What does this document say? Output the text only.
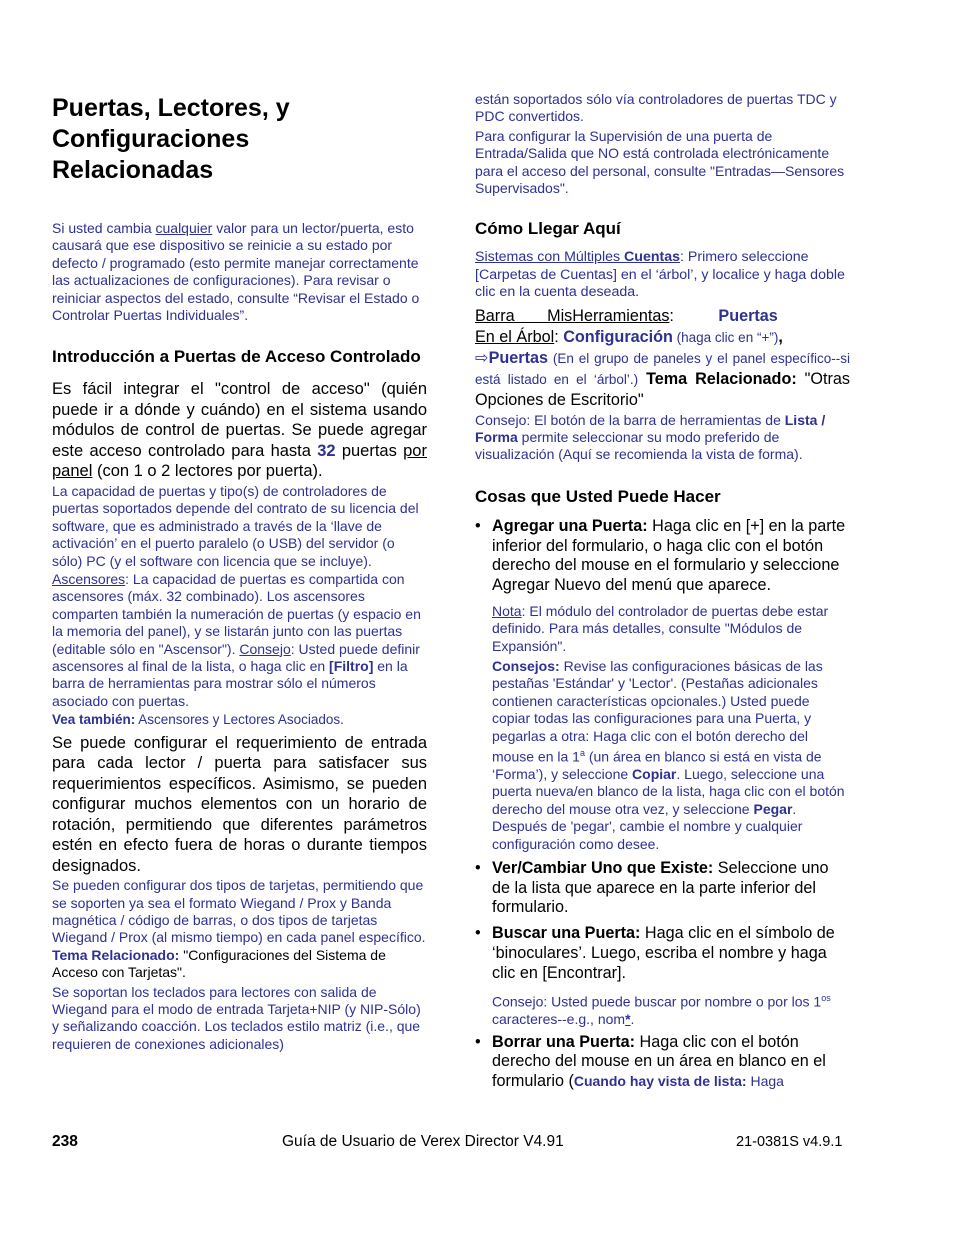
Puertas, Lectores, y
Configuraciones
Relacionadas

Si usted cambia cualquier valor para un lector/puerta, esto causará que ese dispositivo se reinicie a su estado por defecto / programado (esto permite manejar correctamente las actualizaciones de configuraciones). Para revisar o reiniciar aspectos del estado, consulte “Revisar el Estado o Controlar Puertas Individuales”.

Introducción a Puertas de Acceso Controlado

Es fácil integrar el "control de acceso" (quién puede ir a dónde y cuándo) en el sistema usando módulos de control de puertas. Se puede agregar este acceso controlado para hasta 32 puertas por panel (con 1 o 2 lectores por puerta).

La capacidad de puertas y tipo(s) de controladores de puertas soportados depende del contrato de su licencia del software, que es administrado a través de la ‘llave de activación’ en el puerto paralelo (o USB) del servidor (o sólo) PC (y el software con licencia que se incluye).

Ascensores: La capacidad de puertas es compartida con ascensores (máx. 32 combinado). Los ascensores comparten también la numeración de puertas (y espacio en la memoria del panel), y se listarán junto con las puertas (editable sólo en "Ascensor"). Consejo: Usted puede definir ascensores al final de la lista, o haga clic en [Filtro] en la barra de herramientas para mostrar sólo el números asociado con puertas.

Vea también: Ascensores y Lectores Asociados.

Se puede configurar el requerimiento de entrada para cada lector / puerta para satisfacer sus requerimientos específicos. Asimismo, se pueden configurar muchos elementos con un horario de rotación, permitiendo que diferentes parámetros estén en efecto fuera de horas o durante tiempos designados.

Se pueden configurar dos tipos de tarjetas, permitiendo que se soporten ya sea el formato Wiegand / Prox y Banda magnética / código de barras, o dos tipos de tarjetas Wiegand / Prox (al mismo tiempo) en cada panel específico. Tema Relacionado: "Configuraciones del Sistema de Acceso con Tarjetas".

Se soportan los teclados para lectores con salida de Wiegand para el modo de entrada Tarjeta+NIP (y NIP-Sólo) y señalizando coacción. Los teclados estilo matriz (i.e., que requieren de conexiones adicionales)

están soportados sólo vía controladores de puertas TDC y PDC convertidos.

Para configurar la Supervisión de una puerta de Entrada/Salida que NO está controlada electrónicamente para el acceso del personal, consulte "Entradas—Sensores Supervisados".

Cómo Llegar Aquí

Sistemas con Múltiples Cuentas: Primero seleccione [Carpetas de Cuentas] en el ‘árbol’, y localice y haga doble clic en la cuenta deseada.

Barra MisHerramientas: Puertas
En el Árbol: Configuración (haga clic en “+”),
⇨Puertas (En el grupo de paneles y el panel específico--si está listado en el ‘árbol’.) Tema Relacionado: "Otras Opciones de Escritorio"

Consejo: El botón de la barra de herramientas de Lista / Forma permite seleccionar su modo preferido de visualización (Aquí se recomienda la vista de forma).

Cosas que Usted Puede Hacer
• Agregar una Puerta: Haga clic en [+] en la parte inferior del formulario, o haga clic con el botón derecho del mouse en el formulario y seleccione Agregar Nuevo del menú que aparece.

Nota: El módulo del controlador de puertas debe estar definido. Para más detalles, consulte "Módulos de Expansión".

Consejos: Revise las configuraciones básicas de las pestañas 'Estándar' y 'Lector'. (Pestañas adicionales contienen características opcionales.) Usted puede copiar todas las configuraciones para una Puerta, y pegarlas a otra: Haga clic con el botón derecho del mouse en la 1$^a$ (un área en blanco si está en vista de ‘Forma’), y seleccione Copiar. Luego, seleccione una puerta nueva/en blanco de la lista, haga clic con el botón derecho del mouse otra vez, y seleccione Pegar. Después de 'pegar', cambie el nombre y cualquier configuración como desee.

• Ver/Cambiar Uno que Existe: Seleccione uno de la lista que aparece en la parte inferior del formulario.
• Buscar una Puerta: Haga clic en el símbolo de ‘binoculares’. Luego, escriba el nombre y haga clic en [Encontrar].

Consejo: Usted puede buscar por nombre o por los $1^{os}$ caracteres--e.g., nom*.

• Borrar una Puerta: Haga clic con el botón derecho del mouse en un área en blanco en el formulario (Cuando hay vista de lista: Haga
238	Guía de Usuario de Verex Director V4.91	21-0381S v4.9.1
